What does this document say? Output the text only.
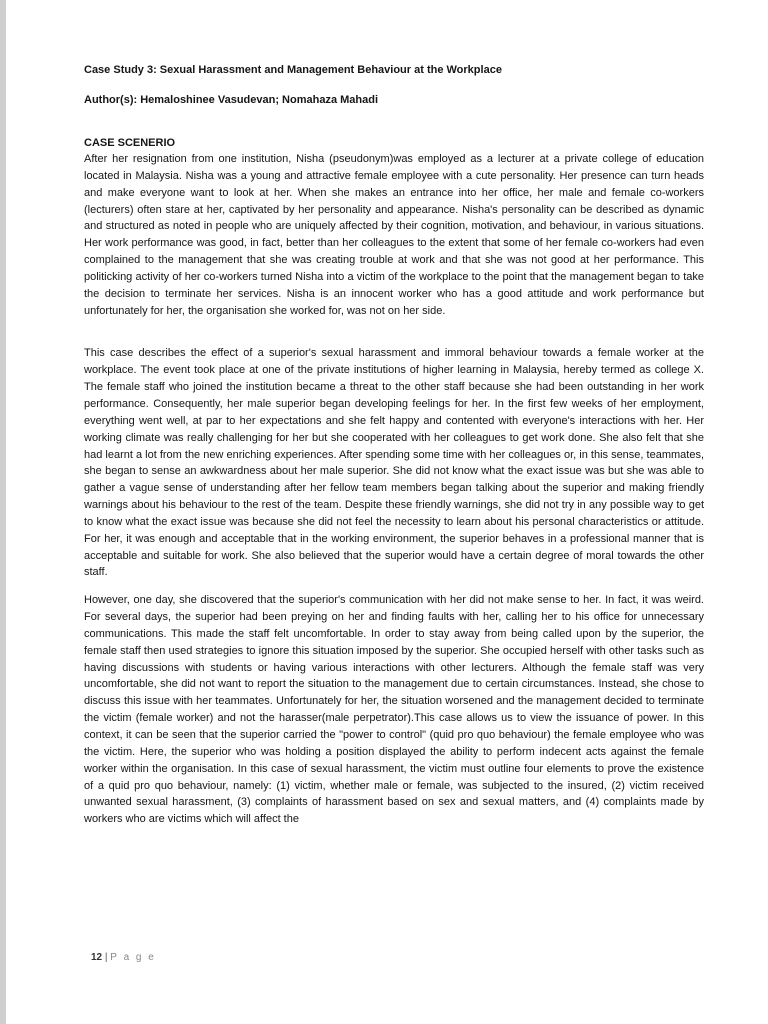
Case Study 3: Sexual Harassment and Management Behaviour at the Workplace
Author(s): Hemaloshinee Vasudevan; Nomahaza Mahadi
CASE SCENERIO

After her resignation from one institution, Nisha (pseudonym)was employed as a lecturer at a private college of education located in Malaysia. Nisha was a young and attractive female employee with a cute personality. Her presence can turn heads and make everyone want to look at her. When she makes an entrance into her office, her male and female co-workers (lecturers) often stare at her, captivated by her personality and appearance. Nisha's personality can be described as dynamic and structured as noted in people who are uniquely affected by their cognition, motivation, and behaviour, in various situations. Her work performance was good, in fact, better than her colleagues to the extent that some of her female co-workers had even complained to the management that she was creating trouble at work and that she was not good at her performance. This politicking activity of her co-workers turned Nisha into a victim of the workplace to the point that the management began to take the decision to terminate her services. Nisha is an innocent worker who has a good attitude and work performance but unfortunately for her, the organisation she worked for, was not on her side.

This case describes the effect of a superior's sexual harassment and immoral behaviour towards a female worker at the workplace. The event took place at one of the private institutions of higher learning in Malaysia, hereby termed as college X. The female staff who joined the institution became a threat to the other staff because she had been outstanding in her work performance. Consequently, her male superior began developing feelings for her. In the first few weeks of her employment, everything went well, at par to her expectations and she felt happy and contented with everyone's interactions with her. Her working climate was really challenging for her but she cooperated with her colleagues to get work done. She also felt that she had learnt a lot from the new enriching experiences. After spending some time with her colleagues or, in this sense, teammates, she began to sense an awkwardness about her male superior. She did not know what the exact issue was but she was able to gather a vague sense of understanding after her fellow team members began talking about the superior and making friendly warnings about his behaviour to the rest of the team. Despite these friendly warnings, she did not try in any possible way to get to know what the exact issue was because she did not feel the necessity to learn about his personal characteristics or attitude. For her, it was enough and acceptable that in the working environment, the superior behaves in a professional manner that is acceptable and suitable for work. She also believed that the superior would have a certain degree of moral towards the other staff.

However, one day, she discovered that the superior's communication with her did not make sense to her. In fact, it was weird. For several days, the superior had been preying on her and finding faults with her, calling her to his office for unnecessary communications. This made the staff felt uncomfortable. In order to stay away from being called upon by the superior, the female staff then used strategies to ignore this situation imposed by the superior. She occupied herself with other tasks such as having discussions with students or having various interactions with other lecturers. Although the female staff was very uncomfortable, she did not want to report the situation to the management due to certain circumstances. Instead, she chose to discuss this issue with her teammates. Unfortunately for her, the situation worsened and the management decided to terminate the victim (female worker) and not the harasser(male perpetrator).This case allows us to view the issuance of power. In this context, it can be seen that the superior carried the "power to control" (quid pro quo behaviour) the female employee who was the victim. Here, the superior who was holding a position displayed the ability to perform indecent acts against the female worker within the organisation. In this case of sexual harassment, the victim must outline four elements to prove the existence of a quid pro quo behaviour, namely: (1) victim, whether male or female, was subjected to the insured, (2) victim received unwanted sexual harassment, (3) complaints of harassment based on sex and sexual matters, and (4) complaints made by workers who are victims which will affect the

12 | P a g e
